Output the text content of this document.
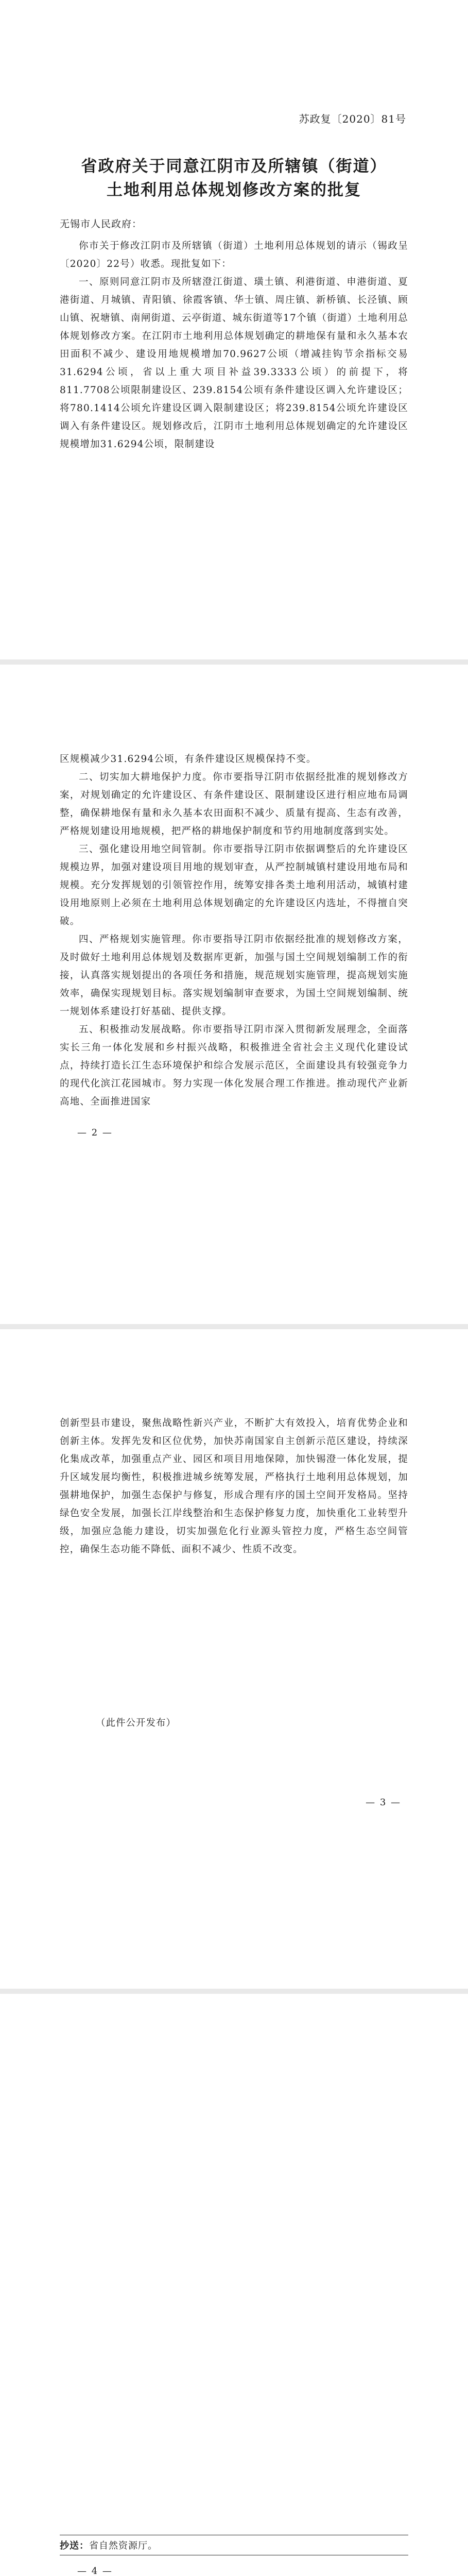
苏政复〔2020〕81号
省政府关于同意江阴市及所辖镇（街道）
土地利用总体规划修改方案的批复
无锡市人民政府：

你市关于修改江阴市及所辖镇（街道）土地利用总体规划的请示（锡政呈〔2020〕22号）收悉。现批复如下：

一、原则同意江阴市及所辖澄江街道、璜土镇、利港街道、申港街道、夏港街道、月城镇、青阳镇、徐霞客镇、华士镇、周庄镇、新桥镇、长泾镇、顾山镇、祝塘镇、南闸街道、云亭街道、城东街道等17个镇（街道）土地利用总体规划修改方案。在江阴市土地利用总体规划确定的耕地保有量和永久基本农田面积不减少、建设用地规模增加70.9627公顷（增减挂钩节余指标交易31.6294公顷，省以上重大项目补益39.3333公顷）的前提下，将811.7708公顷限制建设区、239.8154公顷有条件建设区调入允许建设区；将780.1414公顷允许建设区调入限制建设区；将239.8154公顷允许建设区调入有条件建设区。规划修改后，江阴市土地利用总体规划确定的允许建设区规模增加31.6294公顷，限制建设

区规模减少31.6294公顷，有条件建设区规模保持不变。

二、切实加大耕地保护力度。你市要指导江阴市依据经批准的规划修改方案，对规划确定的允许建设区、有条件建设区、限制建设区进行相应地布局调整，确保耕地保有量和永久基本农田面积不减少、质量有提高、生态有改善，严格规划建设用地规模，把严格的耕地保护制度和节约用地制度落到实处。

三、强化建设用地空间管制。你市要指导江阴市依据调整后的允许建设区规模边界，加强对建设项目用地的规划审查，从严控制城镇村建设用地布局和规模。充分发挥规划的引领管控作用，统筹安排各类土地利用活动，城镇村建设用地原则上必须在土地利用总体规划确定的允许建设区内选址，不得擅自突破。

四、严格规划实施管理。你市要指导江阴市依据经批准的规划修改方案，及时做好土地利用总体规划及数据库更新，加强与国土空间规划编制工作的衔接，认真落实规划提出的各项任务和措施，规范规划实施管理，提高规划实施效率，确保实现规划目标。落实规划编制审查要求，为国土空间规划编制、统一规划体系建设打好基础、提供支撑。

五、积极推动发展战略。你市要指导江阴市深入贯彻新发展理念，全面落实长三角一体化发展和乡村振兴战略，积极推进全省社会主义现代化建设试点，持续打造长江生态环境保护和综合发展示范区，全面建设具有较强竞争力的现代化滨江花园城市。努力实现一体化发展合理工作推进。推动现代产业新高地、全面推进国家

— 2 —

创新型县市建设，聚焦战略性新兴产业，不断扩大有效投入，培育优势企业和创新主体。发挥先发和区位优势，加快苏南国家自主创新示范区建设，持续深化集成改革，加强重点产业、园区和项目用地保障，加快锡澄一体化发展，提升区域发展均衡性，积极推进城乡统筹发展，严格执行土地利用总体规划，加强耕地保护，加强生态保护与修复，形成合理有序的国土空间开发格局。坚持绿色安全发展，加强长江岸线整治和生态保护修复力度，加快重化工业转型升级，加强应急能力建设，切实加强危化行业源头管控力度，严格生态空间管控，确保生态功能不降低、面积不减少、性质不改变。

（此件公开发布）
— 3 —
抄送：省自然资源厅。
— 4 —
